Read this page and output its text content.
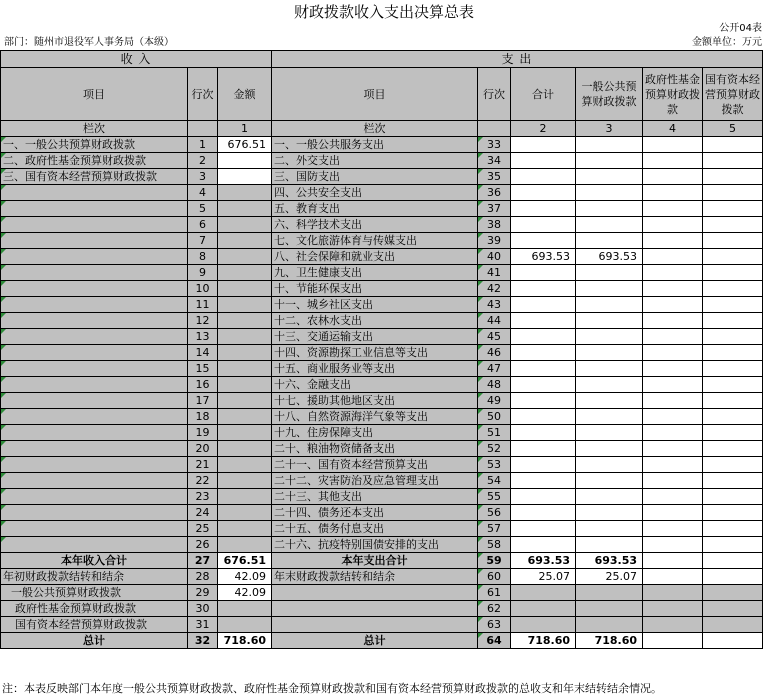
财政拨款收入支出决算总表
公开04表
部门：随州市退役军人事务局（本级）	金额单位：万元
收 入			支 出					
项目	行次	金额	项目	行次	合计	一般公共预算财政拨款	政府性基金预算财政拨款	国有资本经营预算财政拨款
栏次		1	栏次		2	3	4	5
一、一般公共预算财政拨款	1	676.51	一、一般公共服务支出	33				
二、政府性基金预算财政拨款	2		二、外交支出	34				
三、国有资本经营预算财政拨款	3		三、国防支出	35				
	4		四、公共安全支出	36				
	5		五、教育支出	37				
	6		六、科学技术支出	38				
	7		七、文化旅游体育与传媒支出	39				
	8		八、社会保障和就业支出	40	693.53	693.53		
	9		九、卫生健康支出	41				
	10		十、节能环保支出	42				
	11		十一、城乡社区支出	43				
	12		十二、农林水支出	44				
	13		十三、交通运输支出	45				
	14		十四、资源勘探工业信息等支出	46				
	15		十五、商业服务业等支出	47				
	16		十六、金融支出	48				
	17		十七、援助其他地区支出	49				
	18		十八、自然资源海洋气象等支出	50				
	19		十九、住房保障支出	51				
	20		二十、粮油物资储备支出	52				
	21		二十一、国有资本经营预算支出	53				
	22		二十二、灾害防治及应急管理支出	54				
	23		二十三、其他支出	55				
	24		二十四、债务还本支出	56				
	25		二十五、债务付息支出	57				
	26		二十六、抗疫特别国债安排的支出	58				
本年收入合计	27	676.51	本年支出合计	59	693.53	693.53		
年初财政拨款结转和结余	28	42.09	年末财政拨款结转和结余	60	25.07	25.07		
一般公共预算财政拨款	29	42.09		61				
政府性基金预算财政拨款	30			62				
国有资本经营预算财政拨款	31			63				
总计	32	718.60	总计	64	718.60	718.60		
注：本表反映部门本年度一般公共预算财政拨款、政府性基金预算财政拨款和国有资本经营预算财政拨款的总收支和年末结转结余情况。
